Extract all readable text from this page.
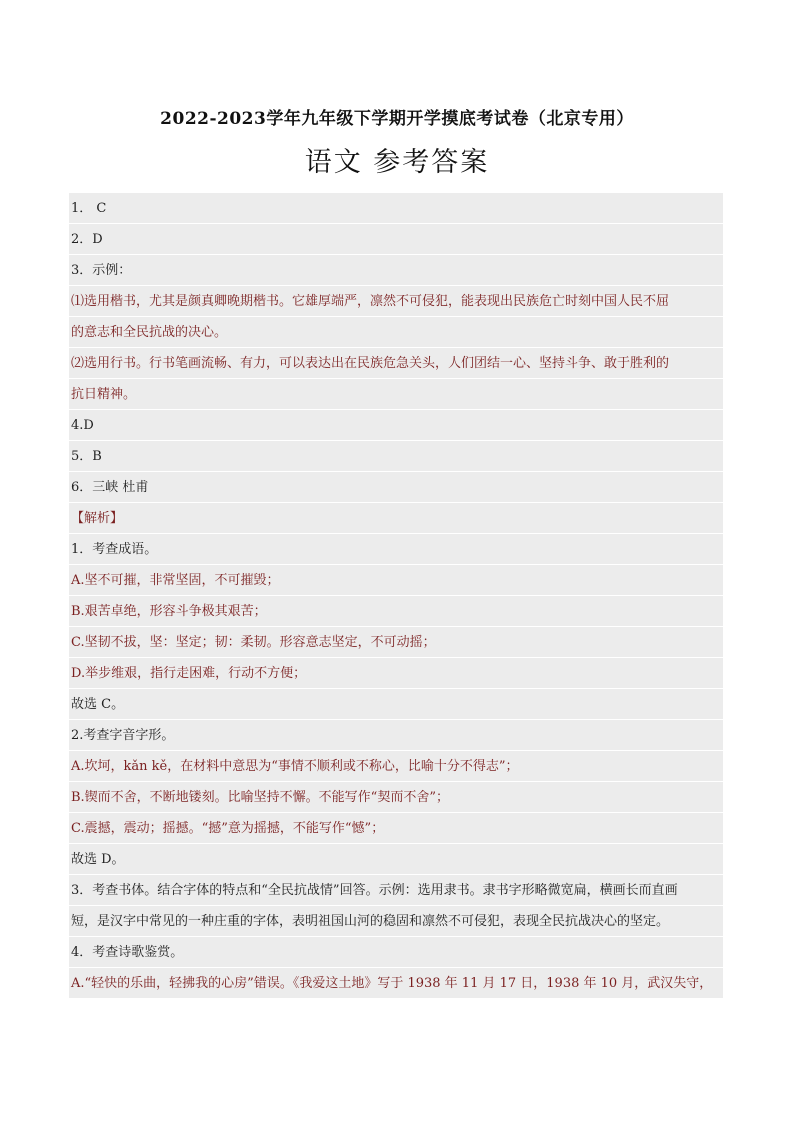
2022-2023学年九年级下学期开学摸底考试卷（北京专用）
语文 参考答案
1． C
2．D
3．示例：
⑴选用楷书，尤其是颜真卿晚期楷书。它雄厚端严，凛然不可侵犯，能表现出民族危亡时刻中国人民不屈
的意志和全民抗战的决心。
⑵选用行书。行书笔画流畅、有力，可以表达出在民族危急关头，人们团结一心、坚持斗争、敢于胜利的
抗日精神。
4.D
5．B
6．三峡 杜甫
【解析】
1．考查成语。
A.坚不可摧，非常坚固，不可摧毁；
B.艰苦卓绝，形容斗争极其艰苦；
C.坚韧不拔，坚：坚定；韧：柔韧。形容意志坚定，不可动摇；
D.举步维艰，指行走困难，行动不方便；
故选 C。
2.考查字音字形。
A.坎坷，kǎn kě，在材料中意思为“事情不顺利或不称心，比喻十分不得志”；
B.锲而不舍，不断地镂刻。比喻坚持不懈。不能写作“契而不舍”；
C.震撼，震动；摇撼。“撼”意为摇撼，不能写作“憾”；
故选 D。
3．考查书体。结合字体的特点和“全民抗战情”回答。示例：选用隶书。隶书字形略微宽扁，横画长而直画
短，是汉字中常见的一种庄重的字体，表明祖国山河的稳固和凛然不可侵犯，表现全民抗战决心的坚定。
4．考查诗歌鉴赏。
A.“轻快的乐曲，轻拂我的心房”错误。《我爱这土地》写于 1938 年 11 月 17 日，1938 年 10 月，武汉失守，
